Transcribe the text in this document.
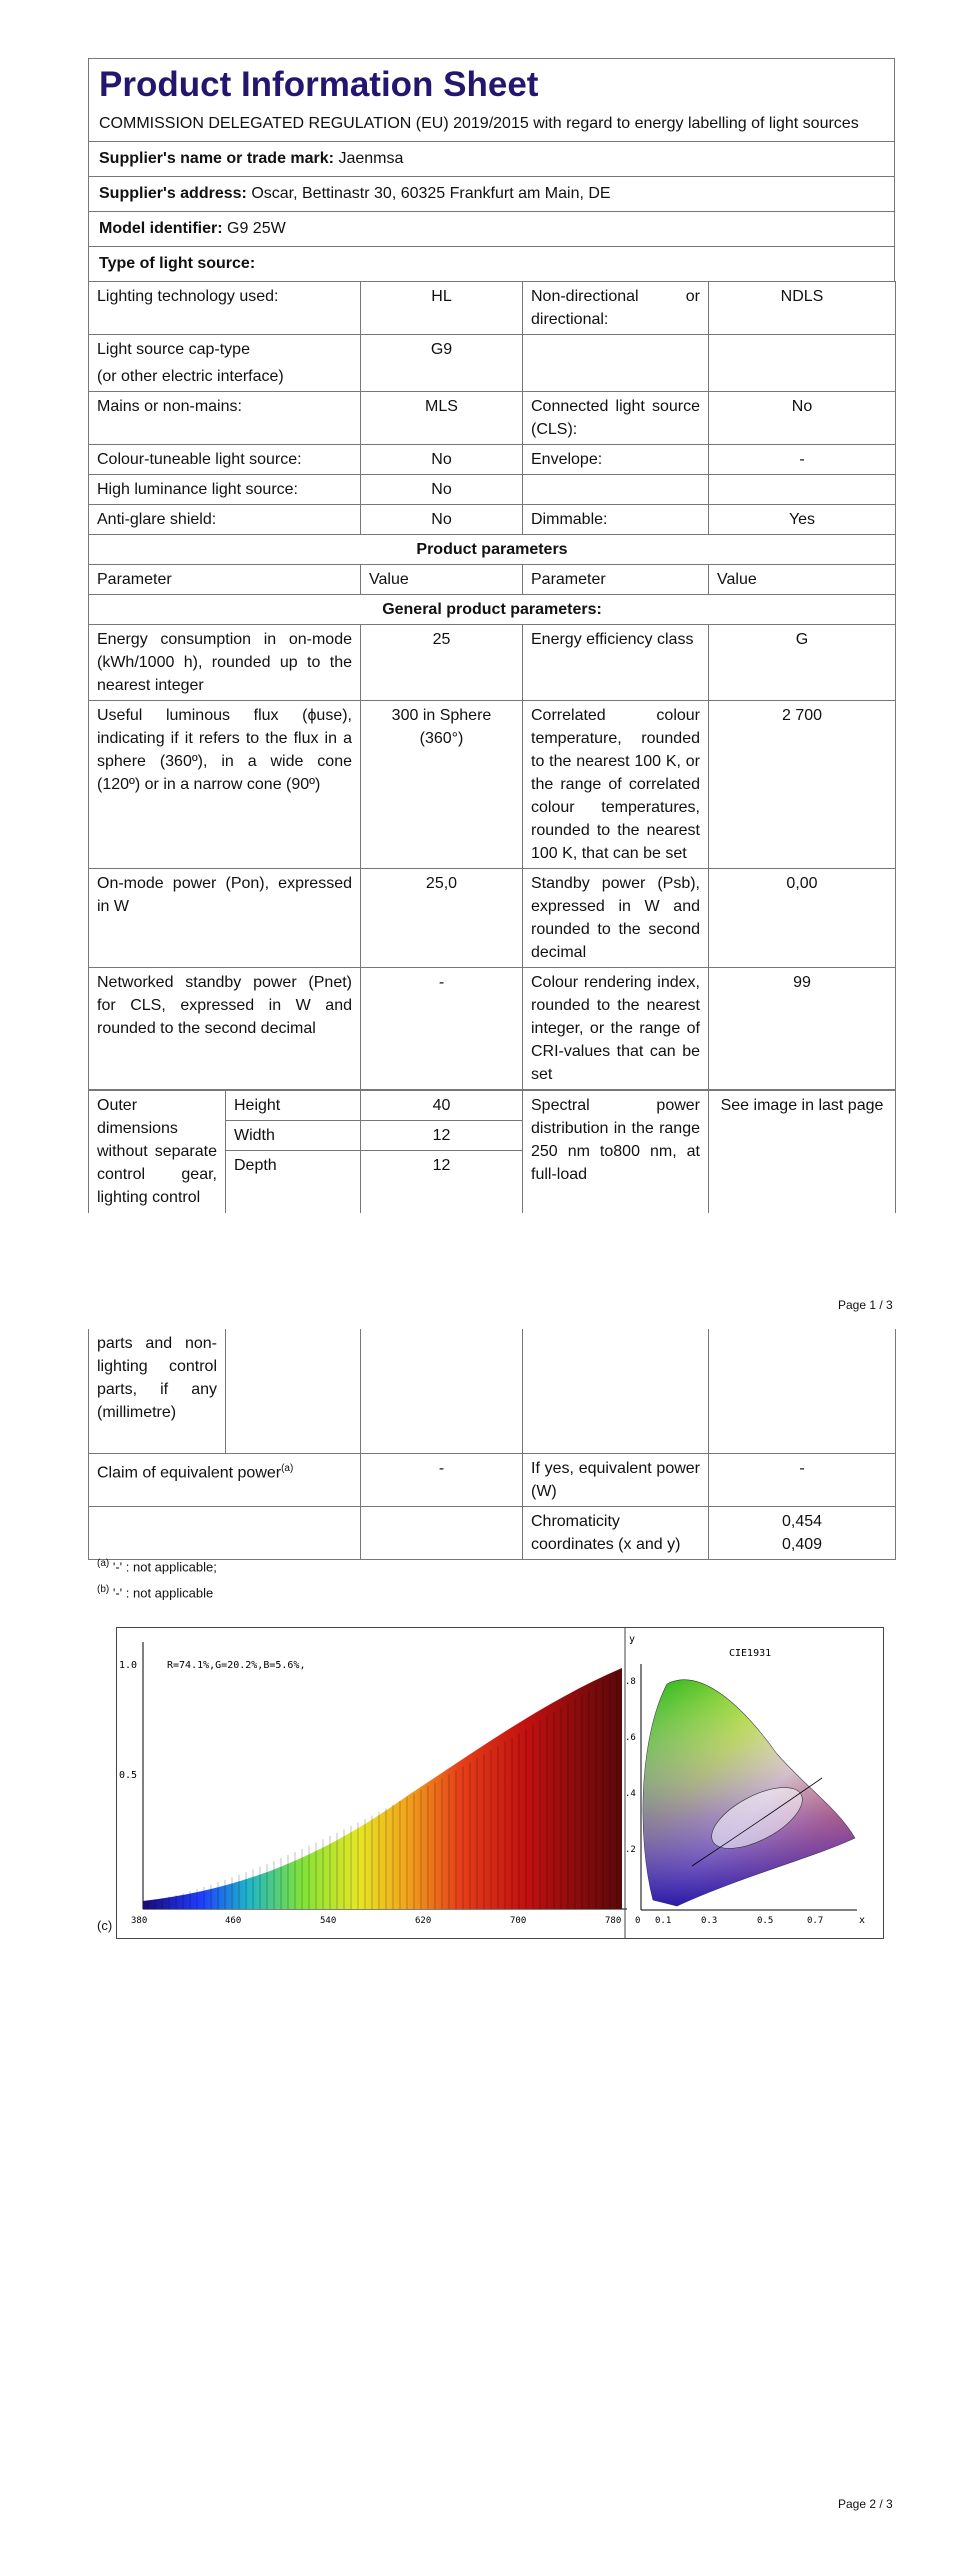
Product Information Sheet
COMMISSION DELEGATED REGULATION (EU) 2019/2015 with regard to energy labelling of light sources
Supplier's name or trade mark: Jaenmsa
Supplier's address: Oscar, Bettinastr 30, 60325 Frankfurt am Main, DE
Model identifier: G9 25W
Type of light source:
Lighting technology used:	HL	Non-directional or directional:	NDLS

Light source cap-type
(or other electric interface)	G9		
Mains or non-mains:	MLS	Connected light source (CLS):	No
Colour-tuneable light source:	No	Envelope:	-
High luminance light source:	No		
Anti-glare shield:	No	Dimmable:	Yes
Product parameters			
Parameter	Value	Parameter	Value
General product parameters:			
Energy consumption in on-mode (kWh/1000 h), rounded up to the nearest integer	25	Energy efficiency class	G
Useful luminous flux (ϕuse), indicating if it refers to the flux in a sphere (360º), in a wide cone (120º) or in a narrow cone (90º)	300 in Sphere (360°)	Correlated colour temperature, rounded to the nearest 100 K, or the range of correlated colour temperatures, rounded to the nearest 100 K, that can be set	2 700
On-mode power (Pon), expressed in W	25,0	Standby power (Psb), expressed in W and rounded to the second decimal	0,00
Networked standby power (Pnet) for CLS, expressed in W and rounded to the second decimal	-	Colour rendering index, rounded to the nearest integer, or the range of CRI-values that can be set	99
Outer dimensions without separate control gear, lighting control	Height	40	Spectral power distribution in the range 250 nm to800 nm, at full-load	See image in last page
	Width	12		
	Depth	12		
Page 1 / 3
parts and non-lighting control parts, if any (millimetre)				
Claim of equivalent power$^{(a)}$		-	If yes, equivalent power (W)	-
			Chromaticity coordinates (x and y)	0,454
0,409
$^{(a)}$ '-' : not applicable;
$^{(b)}$ '-' : not applicable
1.0
0.5
R=74.1%,G=20.2%,B=5.6%,
380	460	540	620	700	780
y
CIE1931
.8
.6
.4
.2
0 0.1	0.3	0.5	0.7	x
(c)
Page 2 / 3
